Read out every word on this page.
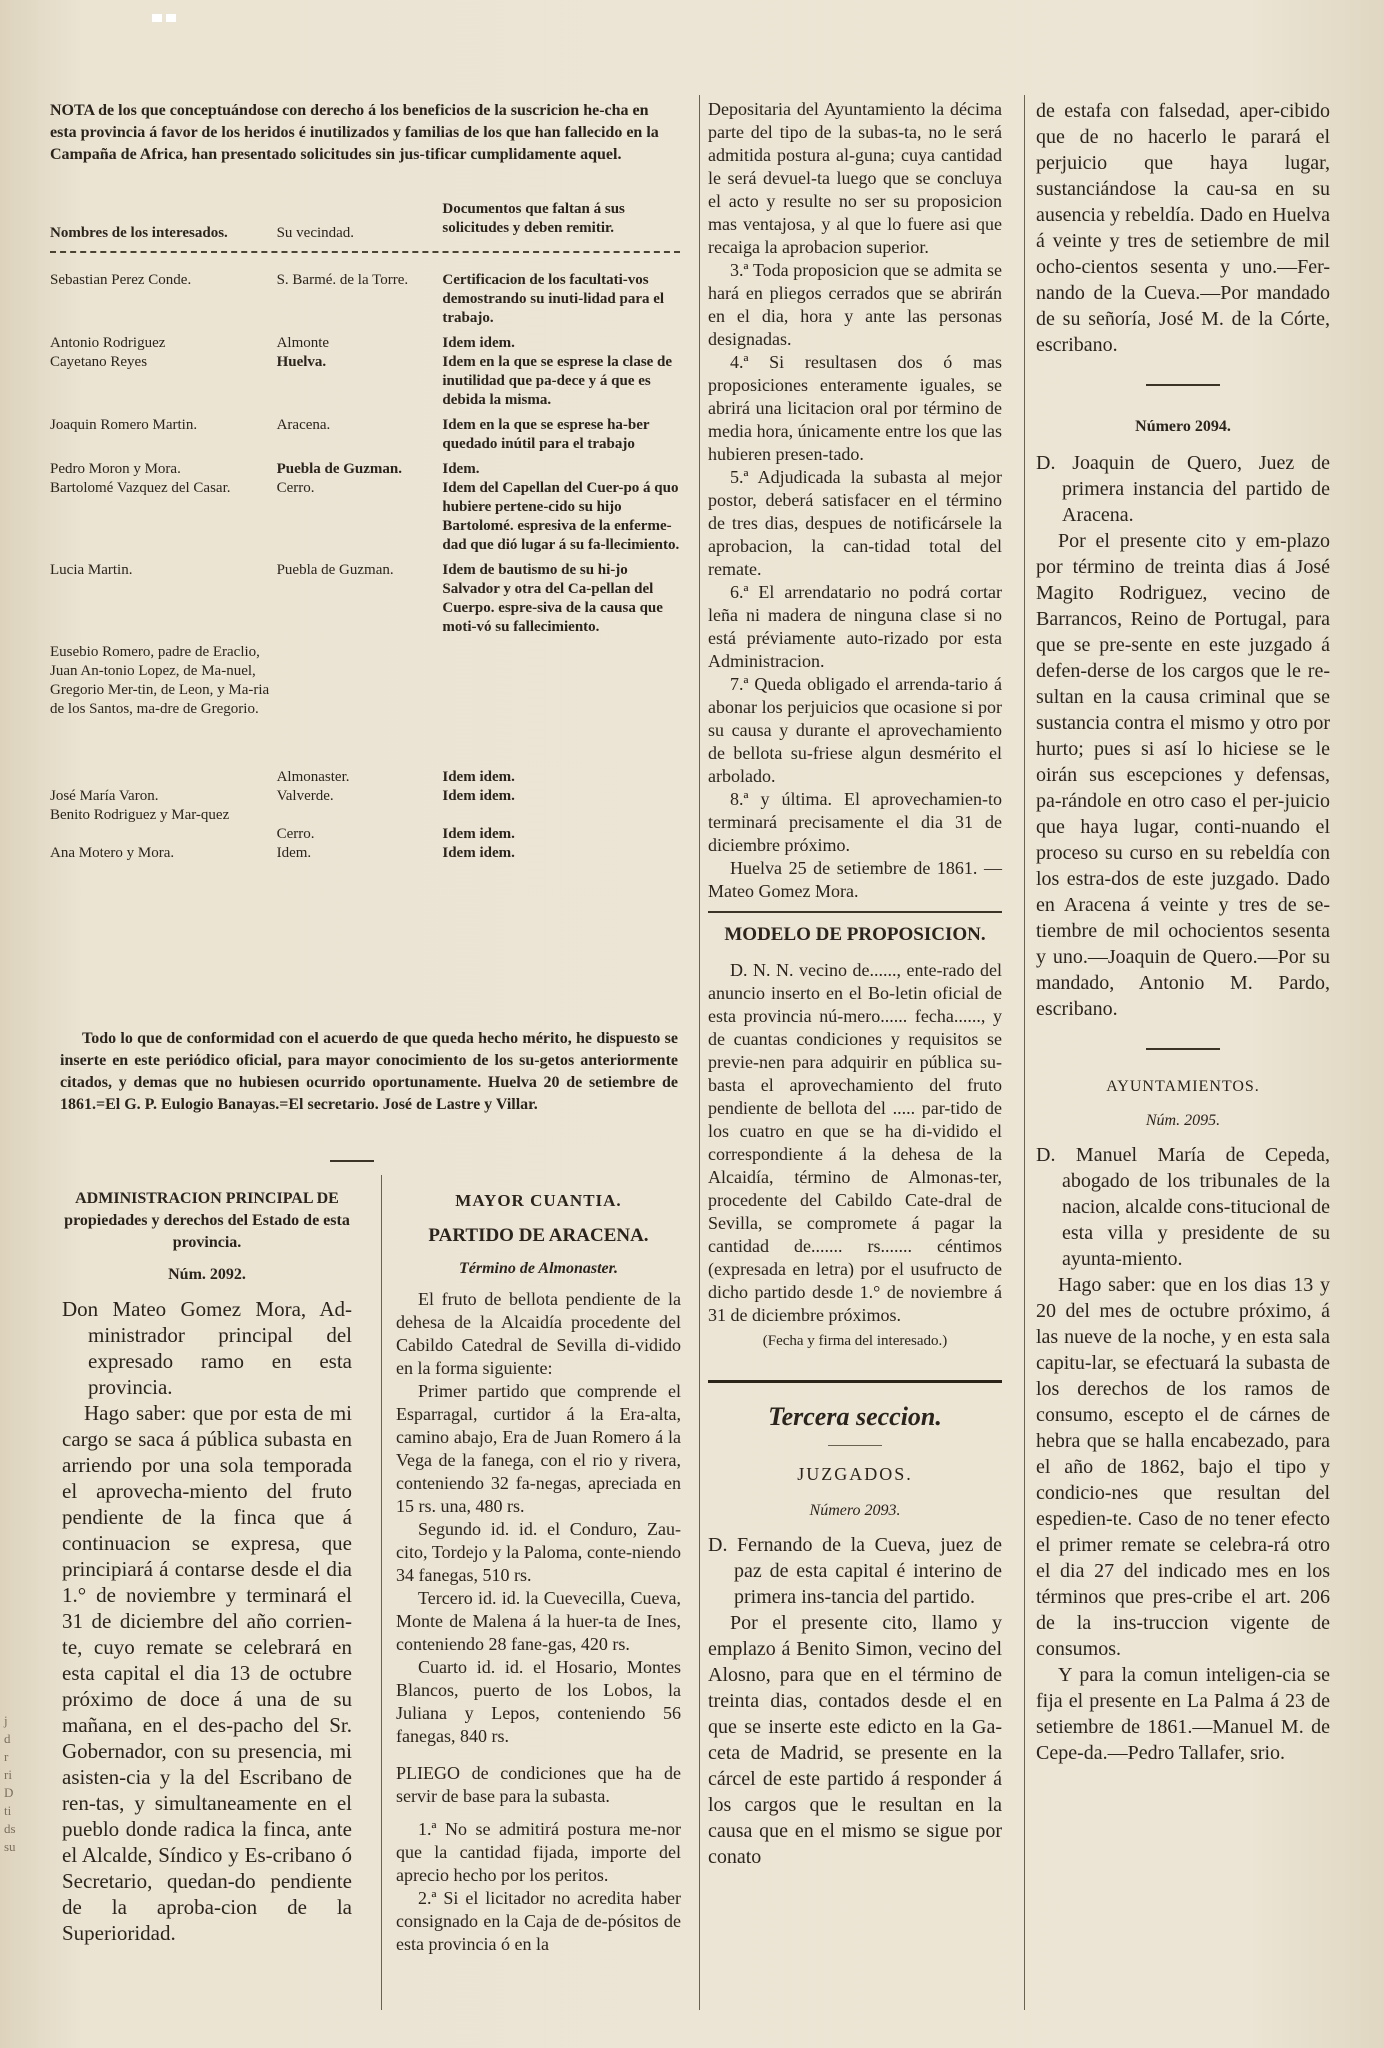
NOTA de los que conceptuándose con derecho á los beneficios de la suscricion he-cha en esta provincia á favor de los heridos é inutilizados y familias de los que han fallecido en la Campaña de Africa, han presentado solicitudes sin jus-tificar cumplidamente aquel.

Nombres de los interesados.	Su vecindad.	Documentos que faltan á sus solicitudes y deben remitir.

Sebastian Perez Conde.	S. Barmé. de la Torre.	Certificacion de los facultati-vos demostrando su inuti-lidad para el trabajo.
Antonio Rodriguez	Almonte	Idem idem.
Cayetano Reyes	Huelva.	Idem en la que se esprese la clase de inutilidad que pa-dece y á que es debida la misma.
Joaquin Romero Martin.	Aracena.	Idem en la que se esprese ha-ber quedado inútil para el trabajo
Pedro Moron y Mora.	Puebla de Guzman.	Idem.
Bartolomé Vazquez del Casar.	Cerro.	Idem del Capellan del Cuer-po á quo hubiere pertene-cido su hijo Bartolomé. espresiva de la enferme-dad que dió lugar á su fa-llecimiento.
Lucia Martin.	Puebla de Guzman.	Idem de bautismo de su hi-jo Salvador y otra del Ca-pellan del Cuerpo. espre-siva de la causa que moti-vó su fallecimiento.
Eusebio Romero, padre de Eraclio, Juan An-tonio Lopez, de Ma-nuel, Gregorio Mer-tin, de Leon, y Ma-ria de los Santos, ma-dre de Gregorio.	Almonaster.	Idem idem.
José María Varon.	Valverde.	Idem idem.
Benito Rodriguez y Mar-quez	Cerro.	Idem idem.
Ana Motero y Mora.	Idem.	Idem idem.

Todo lo que de conformidad con el acuerdo de que queda hecho mérito, he dispuesto se inserte en este periódico oficial, para mayor conocimiento de los su-getos anteriormente citados, y demas que no hubiesen ocurrido oportunamente. Huelva 20 de setiembre de 1861.=El G. P. Eulogio Banayas.=El secretario. José de Lastre y Villar.

ADMINISTRACION PRINCIPAL DE propiedades y derechos del Estado de esta provincia.

Núm. 2092.

Don Mateo Gomez Mora, Ad-ministrador principal del expresado ramo en esta provincia.

Hago saber: que por esta de mi cargo se saca á pública subasta en arriendo por una sola temporada el aprovecha-miento del fruto pendiente de la finca que á continuacion se expresa, que principiará á contarse desde el dia 1.° de noviembre y terminará el 31 de diciembre del año corrien-te, cuyo remate se celebrará en esta capital el dia 13 de octubre próximo de doce á una de su mañana, en el des-pacho del Sr. Gobernador, con su presencia, mi asisten-cia y la del Escribano de ren-tas, y simultaneamente en el pueblo donde radica la finca, ante el Alcalde, Síndico y Es-cribano ó Secretario, quedan-do pendiente de la aproba-cion de la Superioridad.

MAYOR CUANTIA.

PARTIDO DE ARACENA.

Término de Almonaster.

El fruto de bellota pendiente de la dehesa de la Alcaidía procedente del Cabildo Catedral de Sevilla di-vidido en la forma siguiente:

Primer partido que comprende el Esparragal, curtidor á la Era-alta, camino abajo, Era de Juan Romero á la Vega de la fanega, con el rio y rivera, conteniendo 32 fa-negas, apreciada en 15 rs. una, 480 rs.

Segundo id. id. el Conduro, Zau-cito, Tordejo y la Paloma, conte-niendo 34 fanegas, 510 rs.

Tercero id. id. la Cuevecilla, Cueva, Monte de Malena á la huer-ta de Ines, conteniendo 28 fane-gas, 420 rs.

Cuarto id. id. el Hosario, Montes Blancos, puerto de los Lobos, la Juliana y Lepos, conteniendo 56 fanegas, 840 rs.

PLIEGO de condiciones que ha de servir de base para la subasta.

1.ª No se admitirá postura me-nor que la cantidad fijada, importe del aprecio hecho por los peritos.

2.ª Si el licitador no acredita haber consignado en la Caja de de-pósitos de esta provincia ó en la

Depositaria del Ayuntamiento la décima parte del tipo de la subas-ta, no le será admitida postura al-guna; cuya cantidad le será devuel-ta luego que se concluya el acto y resulte no ser su proposicion mas ventajosa, y al que lo fuere asi que recaiga la aprobacion superior.

3.ª Toda proposicion que se admita se hará en pliegos cerrados que se abrirán en el dia, hora y ante las personas designadas.

4.ª Si resultasen dos ó mas proposiciones enteramente iguales, se abrirá una licitacion oral por término de media hora, únicamente entre los que las hubieren presen-tado.

5.ª Adjudicada la subasta al mejor postor, deberá satisfacer en el término de tres dias, despues de notificársele la aprobacion, la can-tidad total del remate.

6.ª El arrendatario no podrá cortar leña ni madera de ninguna clase si no está préviamente auto-rizado por esta Administracion.

7.ª Queda obligado el arrenda-tario á abonar los perjuicios que ocasione si por su causa y durante el aprovechamiento de bellota su-friese algun desmérito el arbolado.

8.ª y última. El aprovechamien-to terminará precisamente el dia 31 de diciembre próximo.

Huelva 25 de setiembre de 1861. —Mateo Gomez Mora.

MODELO DE PROPOSICION.

D. N. N. vecino de......, ente-rado del anuncio inserto en el Bo-letin oficial de esta provincia nú-mero...... fecha......, y de cuantas condiciones y requisitos se previe-nen para adquirir en pública su-basta el aprovechamiento del fruto pendiente de bellota del ..... par-tido de los cuatro en que se ha di-vidido el correspondiente á la dehesa de la Alcaidía, término de Almonas-ter, procedente del Cabildo Cate-dral de Sevilla, se compromete á pagar la cantidad de....... rs....... céntimos (expresada en letra) por el usufructo de dicho partido desde 1.° de noviembre á 31 de diciembre próximos.

(Fecha y firma del interesado.)

Tercera seccion.

JUZGADOS.

Número 2093.

D. Fernando de la Cueva, juez de paz de esta capital é interino de primera ins-tancia del partido.

Por el presente cito, llamo y emplazo á Benito Simon, vecino del Alosno, para que en el término de treinta dias, contados desde el en que se inserte este edicto en la Ga-ceta de Madrid, se presente en la cárcel de este partido á responder á los cargos que le resultan en la causa que en el mismo se sigue por conato

de estafa con falsedad, aper-cibido que de no hacerlo le parará el perjuicio que haya lugar, sustanciándose la cau-sa en su ausencia y rebeldía. Dado en Huelva á veinte y tres de setiembre de mil ocho-cientos sesenta y uno.—Fer-nando de la Cueva.—Por mandado de su señoría, José M. de la Córte, escribano.

Número 2094.

D. Joaquin de Quero, Juez de primera instancia del partido de Aracena.

Por el presente cito y em-plazo por término de treinta dias á José Magito Rodriguez, vecino de Barrancos, Reino de Portugal, para que se pre-sente en este juzgado á defen-derse de los cargos que le re-sultan en la causa criminal que se sustancia contra el mismo y otro por hurto; pues si así lo hiciese se le oirán sus escepciones y defensas, pa-rándole en otro caso el per-juicio que haya lugar, conti-nuando el proceso su curso en su rebeldía con los estra-dos de este juzgado. Dado en Aracena á veinte y tres de se-tiembre de mil ochocientos sesenta y uno.—Joaquin de Quero.—Por su mandado, Antonio M. Pardo, escribano.

AYUNTAMIENTOS.

Núm. 2095.

D. Manuel María de Cepeda, abogado de los tribunales de la nacion, alcalde cons-titucional de esta villa y presidente de su ayunta-miento.

Hago saber: que en los dias 13 y 20 del mes de octubre próximo, á las nueve de la noche, y en esta sala capitu-lar, se efectuará la subasta de los derechos de los ramos de consumo, escepto el de cárnes de hebra que se halla encabezado, para el año de 1862, bajo el tipo y condicio-nes que resultan del espedien-te. Caso de no tener efecto el primer remate se celebra-rá otro el dia 27 del indicado mes en los términos que pres-cribe el art. 206 de la ins-truccion vigente de consumos.

Y para la comun inteligen-cia se fija el presente en La Palma á 23 de setiembre de 1861.—Manuel M. de Cepe-da.—Pedro Tallafer, srio.

j
d
r
ri
D
ti
ds
su
